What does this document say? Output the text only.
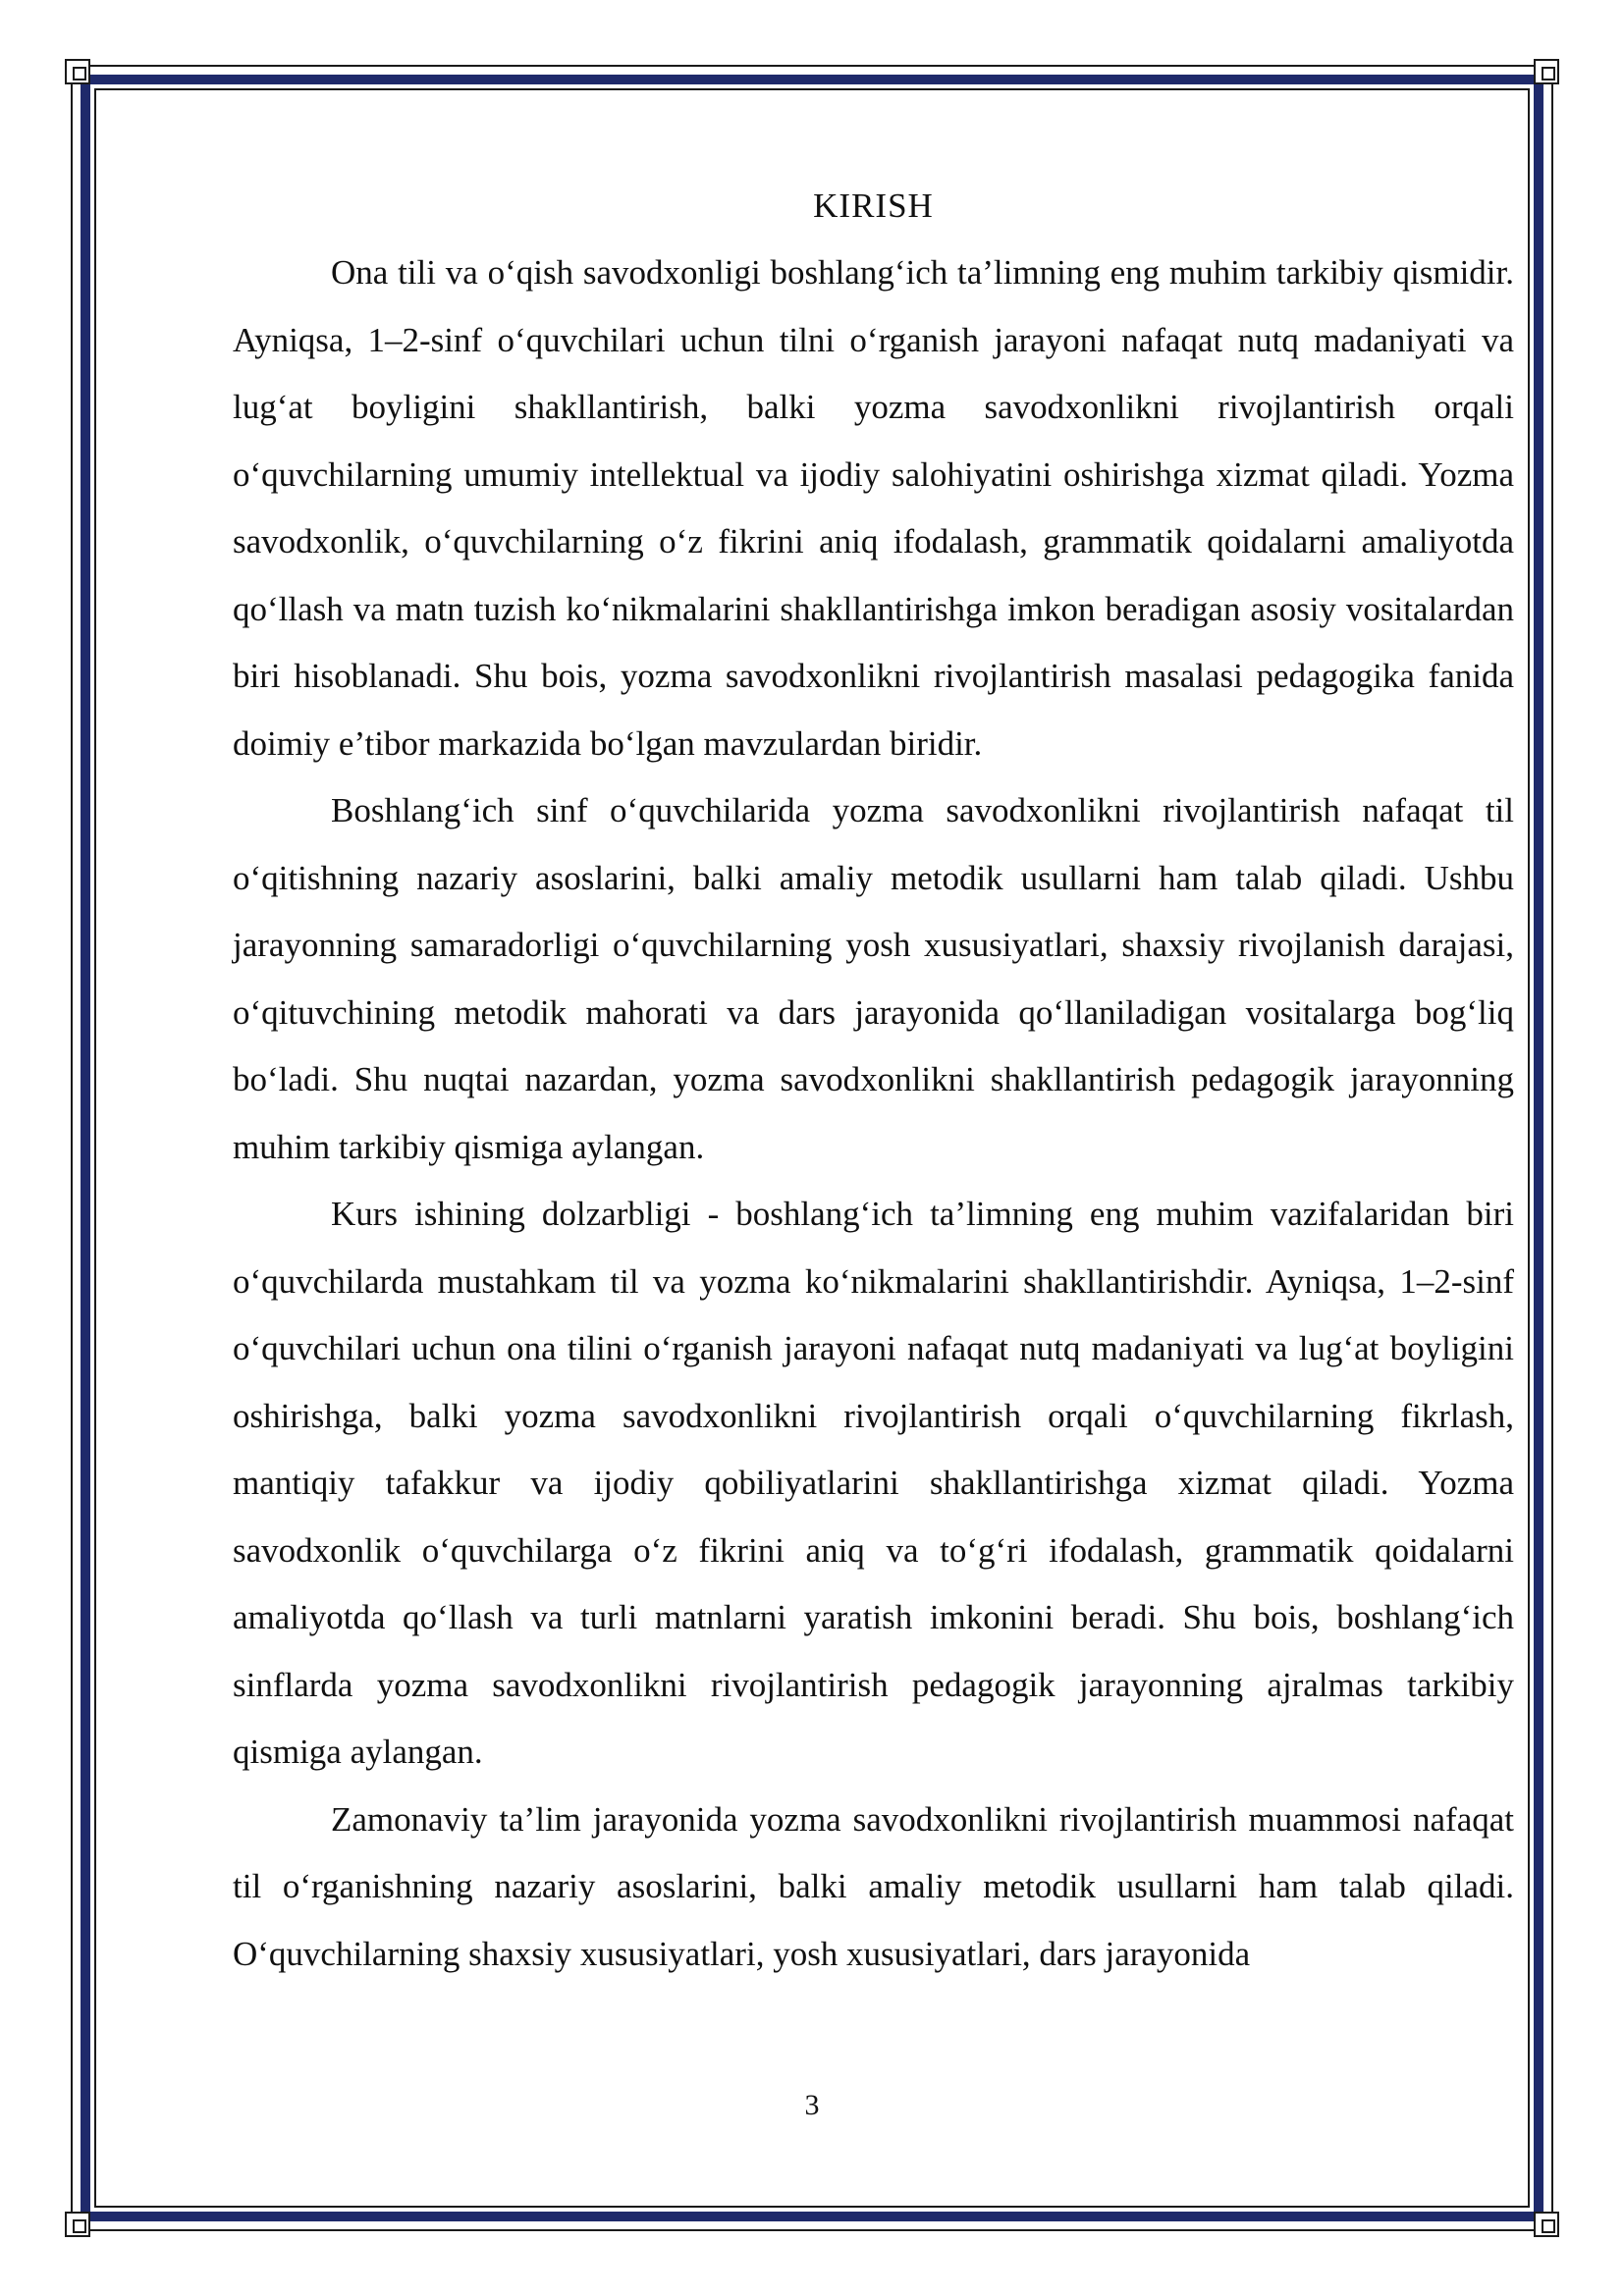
KIRISH

Ona tili va o‘qish savodxonligi boshlang‘ich ta’limning eng muhim tarkibiy qismidir. Ayniqsa, 1–2-sinf o‘quvchilari uchun tilni o‘rganish jarayoni nafaqat nutq madaniyati va lug‘at boyligini shakllantirish, balki yozma savodxonlikni rivojlantirish orqali o‘quvchilarning umumiy intellektual va ijodiy salohiyatini oshirishga xizmat qiladi. Yozma savodxonlik, o‘quvchilarning o‘z fikrini aniq ifodalash, grammatik qoidalarni amaliyotda qo‘llash va matn tuzish ko‘nikmalarini shakllantirishga imkon beradigan asosiy vositalardan biri hisoblanadi. Shu bois, yozma savodxonlikni rivojlantirish masalasi pedagogika fanida doimiy e’tibor markazida bo‘lgan mavzulardan biridir.

Boshlang‘ich sinf o‘quvchilarida yozma savodxonlikni rivojlantirish nafaqat til o‘qitishning nazariy asoslarini, balki amaliy metodik usullarni ham talab qiladi. Ushbu jarayonning samaradorligi o‘quvchilarning yosh xususiyatlari, shaxsiy rivojlanish darajasi, o‘qituvchining metodik mahorati va dars jarayonida qo‘llaniladigan vositalarga bog‘liq bo‘ladi. Shu nuqtai nazardan, yozma savodxonlikni shakllantirish pedagogik jarayonning muhim tarkibiy qismiga aylangan.

Kurs ishining dolzarbligi - boshlang‘ich ta’limning eng muhim vazifalaridan biri o‘quvchilarda mustahkam til va yozma ko‘nikmalarini shakllantirishdir. Ayniqsa, 1–2-sinf o‘quvchilari uchun ona tilini o‘rganish jarayoni nafaqat nutq madaniyati va lug‘at boyligini oshirishga, balki yozma savodxonlikni rivojlantirish orqali o‘quvchilarning fikrlash, mantiqiy tafakkur va ijodiy qobiliyatlarini shakllantirishga xizmat qiladi. Yozma savodxonlik o‘quvchilarga o‘z fikrini aniq va to‘g‘ri ifodalash, grammatik qoidalarni amaliyotda qo‘llash va turli matnlarni yaratish imkonini beradi. Shu bois, boshlang‘ich sinflarda yozma savodxonlikni rivojlantirish pedagogik jarayonning ajralmas tarkibiy qismiga aylangan.

Zamonaviy ta’lim jarayonida yozma savodxonlikni rivojlantirish muammosi nafaqat til o‘rganishning nazariy asoslarini, balki amaliy metodik usullarni ham talab qiladi. O‘quvchilarning shaxsiy xususiyatlari, yosh xususiyatlari, dars jarayonida

3
